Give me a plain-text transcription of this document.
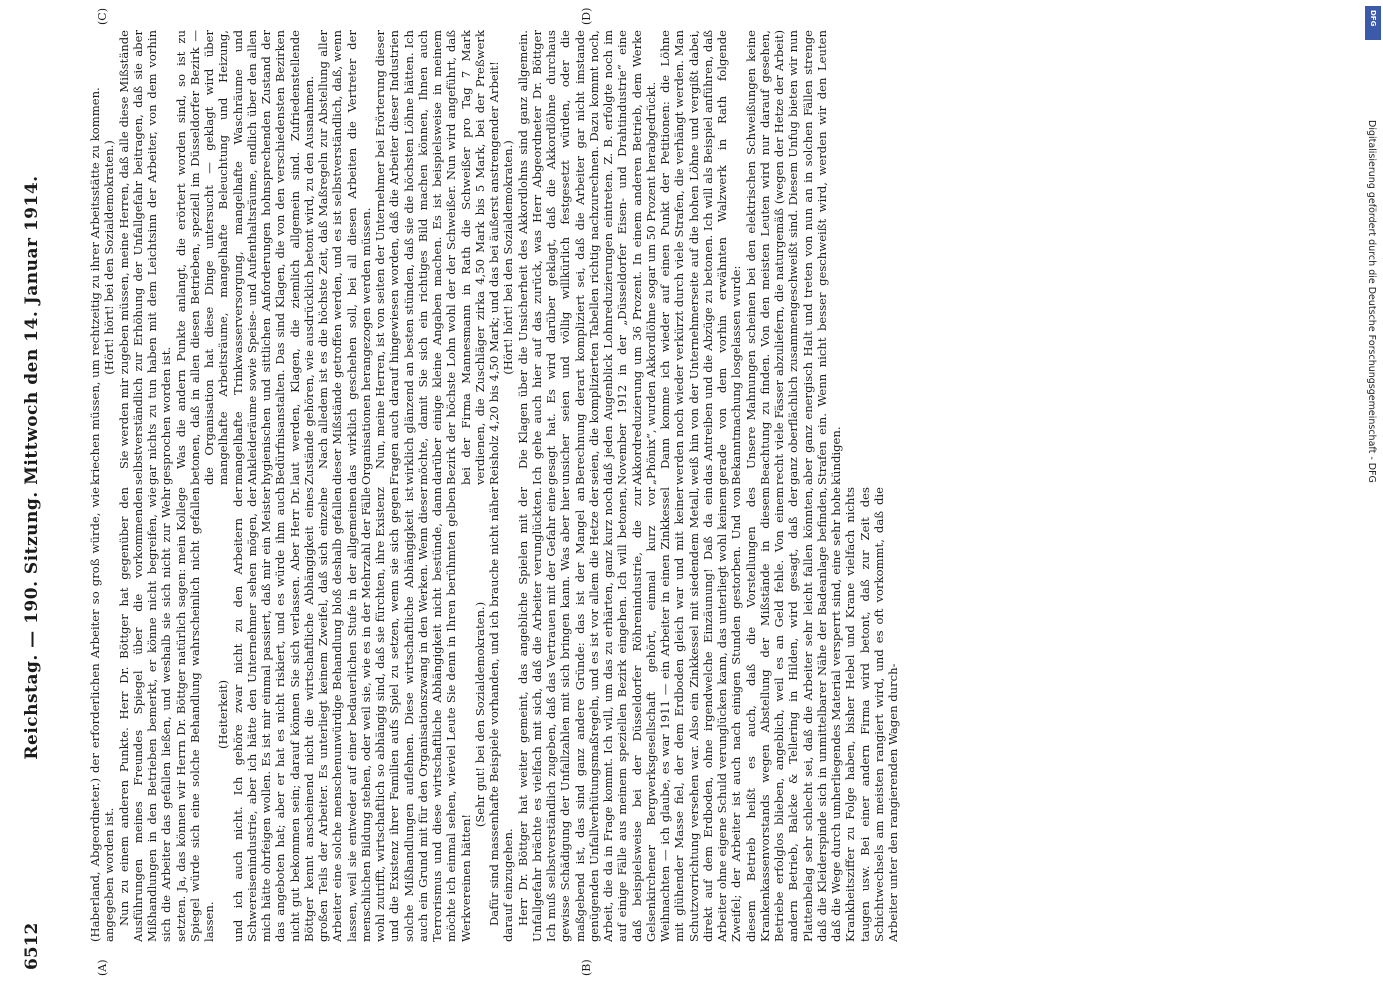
6512
Reichstag. — 190. Sitzung. Mittwoch den 14. Januar 1914.
(A)	(B)
(C)	(D)

(Haberland, Abgeordneter.) der erforderlichen Arbeiter so groß würde, wie angegeben worden ist. Nun zu einem anderen Punkte. Herr Dr. Böttger hat gegenüber den Ausführungen meines Freundes Spiegel über die vorkommenden Mißhandlungen in den Betrieben bemerkt, er könne nicht begreifen, wie sich die Arbeiter das gefallen ließen, und weshalb sie sich nicht zur Wehr setzten. Ja, das können wir Herrn Dr. Böttger natürlich sagen: mein Kollege Spiegel würde sich eine solche Behandlung wahrscheinlich nicht gefallen lassen.

(Heiterkeit) und ich auch nicht. Ich gehöre zwar nicht zu den Arbeitern der Schwereisenindustrie, aber ich hätte den Unternehmer sehen mögen, der mich hätte ohrfeigen wollen. Es ist mir einmal passiert, daß mir ein Meister das angeboten hat; aber er hat es nicht riskiert, und es würde ihm auch nicht gut bekommen sein; darauf können Sie sich verlassen. Aber Herr Dr. Böttger kennt anscheinend nicht die wirtschaftliche Abhängigkeit eines großen Teils der Arbeiter. Es unterliegt keinem Zweifel, daß sich einzelne Arbeiter eine solche menschenunwürdige Behandlung bloß deshalb gefallen lassen, weil sie entweder auf einer bedauerlichen Stufe in der allgemeinen menschlichen Bildung stehen, oder weil sie, wie es in der Mehrzahl der Fälle wohl zutrifft, wirtschaftlich so abhängig sind, daß sie fürchten, ihre Existenz und die Existenz ihrer Familien aufs Spiel zu setzen, wenn sie sich gegen solche Mißhandlungen auflehnen. Diese wirtschaftliche Abhängigkeit ist auch ein Grund mit für den Organisationszwang in den Werken. Wenn dieser Terrorismus und diese wirtschaftliche Abhängigkeit nicht bestünde, dann möchte ich einmal sehen, wieviel Leute Sie denn in Ihren berühmten gelben Werkvereinen hätten!

(Sehr gut! bei den Sozialdemokraten.) Dafür sind massenhafte Beispiele vorhanden, und ich brauche nicht näher darauf einzugehen. Herr Dr. Böttger hat weiter gemeint, das angebliche Spielen mit der Unfallgefahr brächte es vielfach mit sich, daß die Arbeiter verunglückten. Ich muß selbstverständlich zugeben, daß das Vertrauen mit der Gefahr eine gewisse Schädigung der Unfallzahlen mit sich bringen kann. Was aber hier maßgebend ist, das sind ganz andere Gründe: das ist der Mangel an genügenden Unfallverhütungsmaßregeln, und es ist vor allem die Hetze der Arbeit, die da in Frage kommt. Ich will, um das zu erhärten, ganz kurz noch auf einige Fälle aus meinem speziellen Bezirk eingehen. Ich will betonen, daß beispielsweise bei der Düsseldorfer Röhrenindustrie, die zur Gelsenkirchener Bergwerksgesellschaft gehört, einmal kurz vor Weihnachten — ich glaube, es war 1911 — ein Arbeiter in einen Zinkkessel mit glühender Masse fiel, der dem Erdboden gleich war und mit keiner Schutzvorrichtung versehen war. Also ein Zinkkessel mit siedendem Metall, direkt auf dem Erdboden, ohne irgendwelche Einzäunung! Daß da ein Arbeiter ohne eigene Schuld verunglücken kann, das unterliegt wohl keinem Zweifel; der Arbeiter ist auch nach einigen Stunden gestorben. Und von diesem Betrieb heißt es auch, daß die Vorstellungen des Krankenkassenvorstands wegen Abstellung der Mißstände in diesem Betriebe erfolglos blieben, angeblich, weil es an Geld fehle. Von einem andern Betrieb, Balcke & Tellering in Hilden, wird gesagt, daß der Plattenbelag sehr schlecht sei, daß die Arbeiter sehr leicht fallen könnten, daß die Kleiderspinde sich in unmittelbarer Nähe der Badeanlage befinden, daß die Wege durch umherliegendes Material versperrt sind, eine sehr hohe Krankheitsziffer zu Folge haben, bisher Hebel und Krane vielfach nichts taugen usw. Bei einer andern Firma wird betont, daß zur Zeit des Schichtwechsels am meisten rangiert wird, und es oft vorkommt, daß die Arbeiter unter den rangierenden Wagen durch-

kriechen müssen, um rechtzeitig zu ihrer Arbeitsstätte zu kommen. (Hört! hört! bei den Sozialdemokraten.) Sie werden mir zugeben müssen, meine Herren, daß alle diese Mißstände selbstverständlich zur Erhöhung der Unfallgefahr beitragen, daß sie aber gar nichts zu tun haben mit dem Leichtsinn der Arbeiter, von dem vorhin gesprochen worden ist. Was die andern Punkte anlangt, die erörtert worden sind, so ist zu betonen, daß in allen diesen Betrieben, speziell im Düsseldorfer Bezirk — die Organisation hat diese Dinge untersucht — geklagt wird über mangelhafte Arbeitsräume, mangelhafte Beleuchtung und Heizung, mangelhafte Trinkwasserversorgung, mangelhafte Waschräume und Ankleideräume sowie Speise- und Aufenthaltsräume, endlich über den allen hygienischen und sittlichen Anforderungen hohnsprechenden Zustand der Bedürfnisanstalten. Das sind Klagen, die von den verschiedensten Bezirken laut werden, Klagen, die ziemlich allgemein sind. Zufriedenstellende Zustände gehören, wie ausdrücklich betont wird, zu den Ausnahmen. Nach alledem ist es die höchste Zeit, daß Maßregeln zur Abstellung aller dieser Mißstände getroffen werden, und es ist selbstverständlich, daß, wenn das wirklich geschehen soll, bei all diesen Arbeiten die Vertreter der Organisationen herangezogen werden müssen. Nun, meine Herren, ist von seiten der Unternehmer bei Erörterung dieser Fragen auch darauf hingewiesen worden, daß die Arbeiter dieser Industrien wirklich glänzend an besten stünden, daß sie die höchsten Löhne hätten. Ich möchte, damit Sie sich ein richtiges Bild machen können, Ihnen auch darüber einige kleine Angaben machen. Es ist beispielsweise in meinem Bezirk der höchste Lohn wohl der der Schweißer. Nun wird angeführt, daß bei der Firma Mannesmann in Rath die Schweißer pro Tag 7 Mark verdienen, die Zuschläger zirka 4,50 Mark bis 5 Mark, bei der Preßwerk Reisholz 4,20 bis 4,50 Mark; und das bei äußerst anstrengender Arbeit! (Hört! hört! bei den Sozialdemokraten.) Die Klagen über die Unsicherheit des Akkordlohns sind ganz allgemein. Ich gehe auch hier auf das zurück, was Herr Abgeordneter Dr. Böttger gesagt hat. Es wird darüber geklagt, daß die Akkordlöhne durchaus unsicher seien und völlig willkürlich festgesetzt würden, oder die Berechnung derart kompliziert sei, daß die Arbeiter gar nicht imstande seien, die komplizierten Tabellen richtig nachzurechnen. Dazu kommt noch, daß jeden Augenblick Lohnreduzierungen eintreten. Z. B. erfolgte noch im November 1912 in der „Düsseldorfer Eisen- und Drahtindustrie“ eine Akkordreduzierung um 36 Prozent. In einem anderen Betrieb, dem Werke „Phönix“, wurden Akkordlöhne sogar um 50 Prozent herabgedrückt. Dann komme ich wieder auf einen Punkt der Petitionen: die Löhne werden noch wieder verkürzt durch viele Strafen, die verhängt werden. Man weiß hin von der Unternehmerseite auf die hohen Löhne und vergißt dabei, das Antreiben und die Abzüge zu betonen. Ich will als Beispiel anführen, daß gerade von dem vorhin erwähnten Walzwerk in Rath folgende Bekanntmachung losgelassen wurde: Unsere Mahnungen scheinen bei den elektrischen Schweißungen keine Beachtung zu finden. Von den meisten Leuten wird nur darauf gesehen, recht viele Fässer abzuliefern, die naturgemäß (wegen der Hetze der Arbeit) ganz oberflächlich zusammengeschweißt sind. Diesem Unfug bieten wir nun aber ganz energisch Halt und treten von nun an in solchen Fällen strenge Strafen ein. Wenn nicht besser geschweißt wird, werden wir den Leuten kündigen.

DFG
Digitalisierung gefördert durch die Deutsche Forschungsgemeinschaft - DFG
